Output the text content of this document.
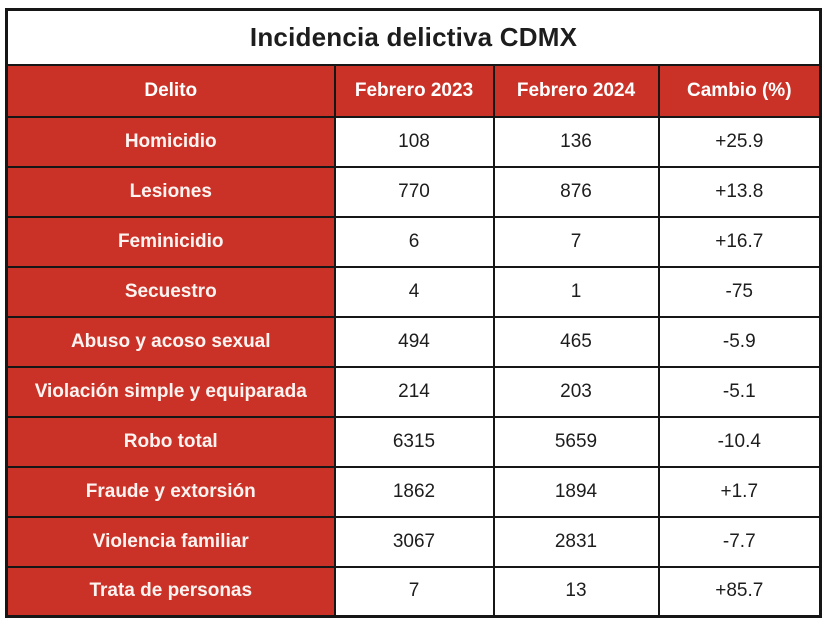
Incidencia delictiva CDMX			
Delito	Febrero 2023	Febrero 2024	Cambio (%)
Homicidio	108	136	+25.9
Lesiones	770	876	+13.8
Feminicidio	6	7	+16.7
Secuestro	4	1	-75
Abuso y acoso sexual	494	465	-5.9
Violación simple y equiparada	214	203	-5.1
Robo total	6315	5659	-10.4
Fraude y extorsión	1862	1894	+1.7
Violencia familiar	3067	2831	-7.7
Trata de personas	7	13	+85.7
